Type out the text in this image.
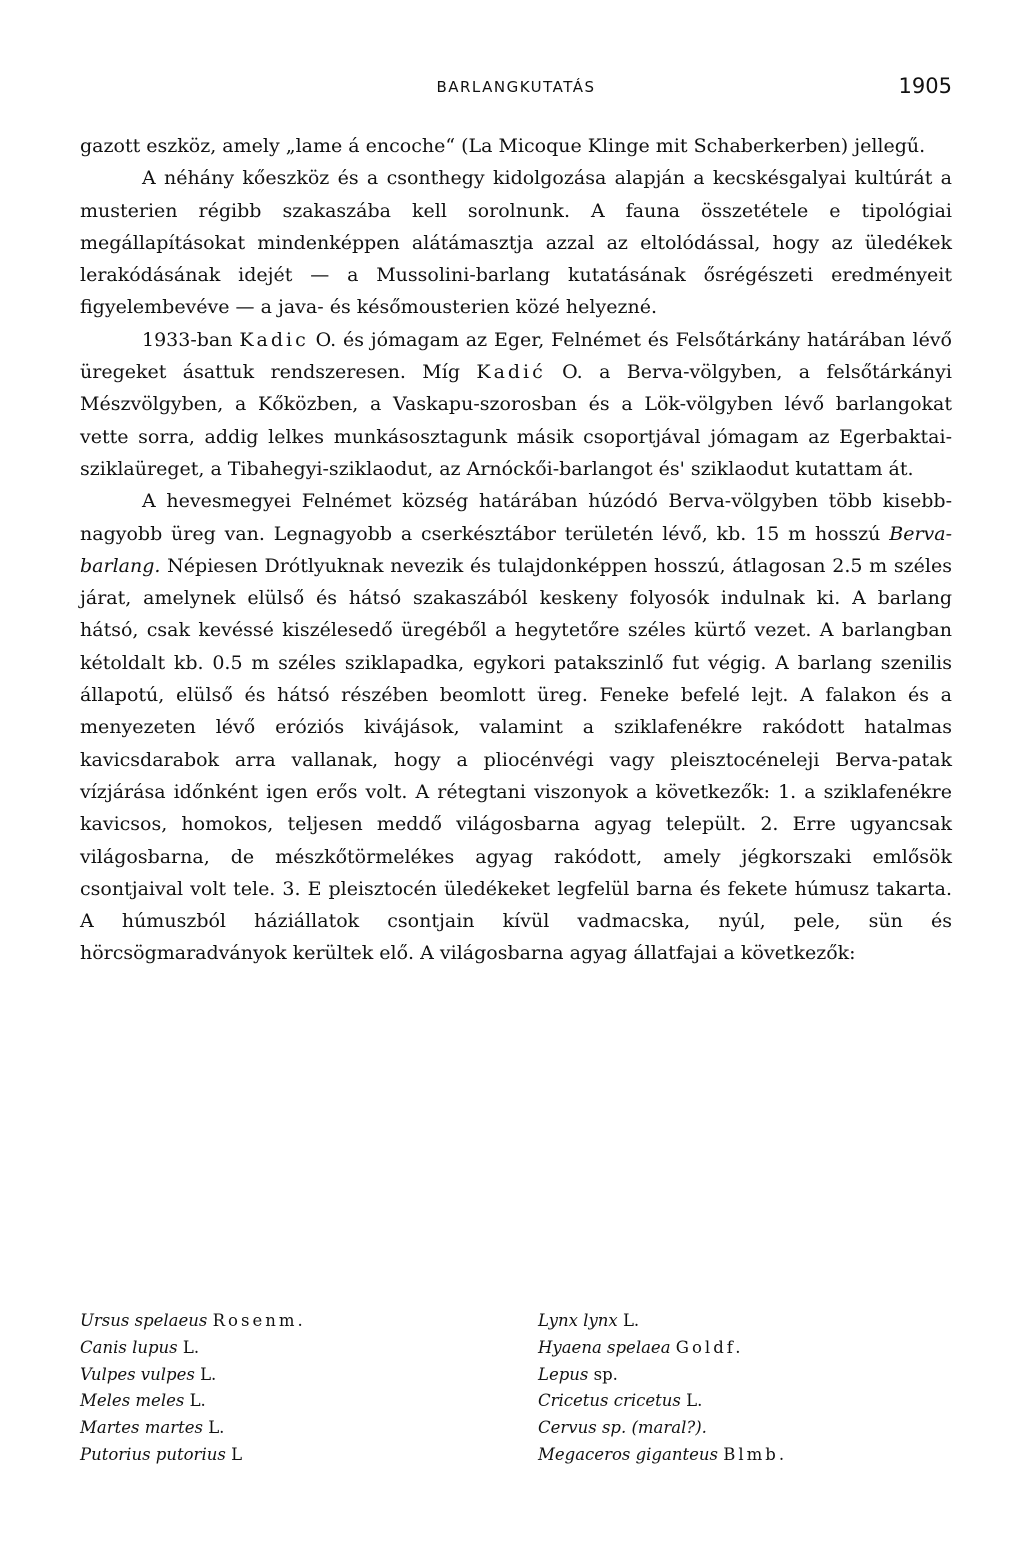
BARLANGKUTATÁS	1905

gazott eszköz, amely „lame á encoche“ (La Micoque Klinge mit Schaberkerben) jellegű.

A néhány kőeszköz és a csonthegy kidolgozása alapján a kecskésgalyai kultúrát a musterien régibb szakaszába kell sorolnunk. A fauna összetétele e tipológiai megállapításokat mindenképpen alátámasztja azzal az eltolódással, hogy az üledékek lerakódásának idejét — a Mussolini-barlang kutatásának ősrégészeti eredményeit figyelembevéve — a java- és későmousterien közé helyezné.

1933-ban Kadic O. és jómagam az Eger, Felnémet és Felsőtárkány határában lévő üregeket ásattuk rendszeresen. Míg Kadić O. a Berva-völgyben, a felsőtárkányi Mészvölgyben, a Kőközben, a Vaskapu-szorosban és a Lök-völgyben lévő barlangokat vette sorra, addig lelkes munkásosztagunk másik csoportjával jómagam az Egerbaktai-sziklaüreget, a Tibahegyi-sziklaodut, az Arnóckői-barlangot és' sziklaodut kutattam át.

A hevesmegyei Felnémet község határában húzódó Berva-völgyben több kisebb-nagyobb üreg van. Legnagyobb a cserkésztábor területén lévő, kb. 15 m hosszú Berva-barlang. Népiesen Drótlyuknak nevezik és tulajdonképpen hosszú, átlagosan 2.5 m széles járat, amelynek elülső és hátsó szakaszából keskeny folyosók indulnak ki. A barlang hátsó, csak kevéssé kiszélesedő üregéből a hegytetőre széles kürtő vezet. A barlangban kétoldalt kb. 0.5 m széles sziklapadka, egykori patakszinlő fut végig. A barlang szenilis állapotú, elülső és hátsó részében beomlott üreg. Feneke befelé lejt. A falakon és a menyezeten lévő eróziós kivájások, valamint a sziklafenékre rakódott hatalmas kavicsdarabok arra vallanak, hogy a pliocénvégi vagy pleisztocéneleji Berva-patak vízjárása időnként igen erős volt. A rétegtani viszonyok a következők: 1. a sziklafenékre kavicsos, homokos, teljesen meddő világosbarna agyag települt. 2. Erre ugyancsak világosbarna, de mészkőtörmelékes agyag rakódott, amely jégkorszaki emlősök csontjaival volt tele. 3. E pleisztocén üledékeket legfelül barna és fekete húmusz takarta. A húmuszból háziállatok csontjain kívül vadmacska, nyúl, pele, sün és hörcsögmaradványok kerültek elő. A világosbarna agyag állatfajai a következők:

Ursus spelaeus Rosenm.
Canis lupus L.
Vulpes vulpes L.
Meles meles L.
Martes martes L.
Putorius putorius L
Lynx lynx L.
Hyaena spelaea Goldf.
Lepus sp.
Cricetus cricetus L.
Cervus sp. (maral?).
Megaceros giganteus Blmb.
